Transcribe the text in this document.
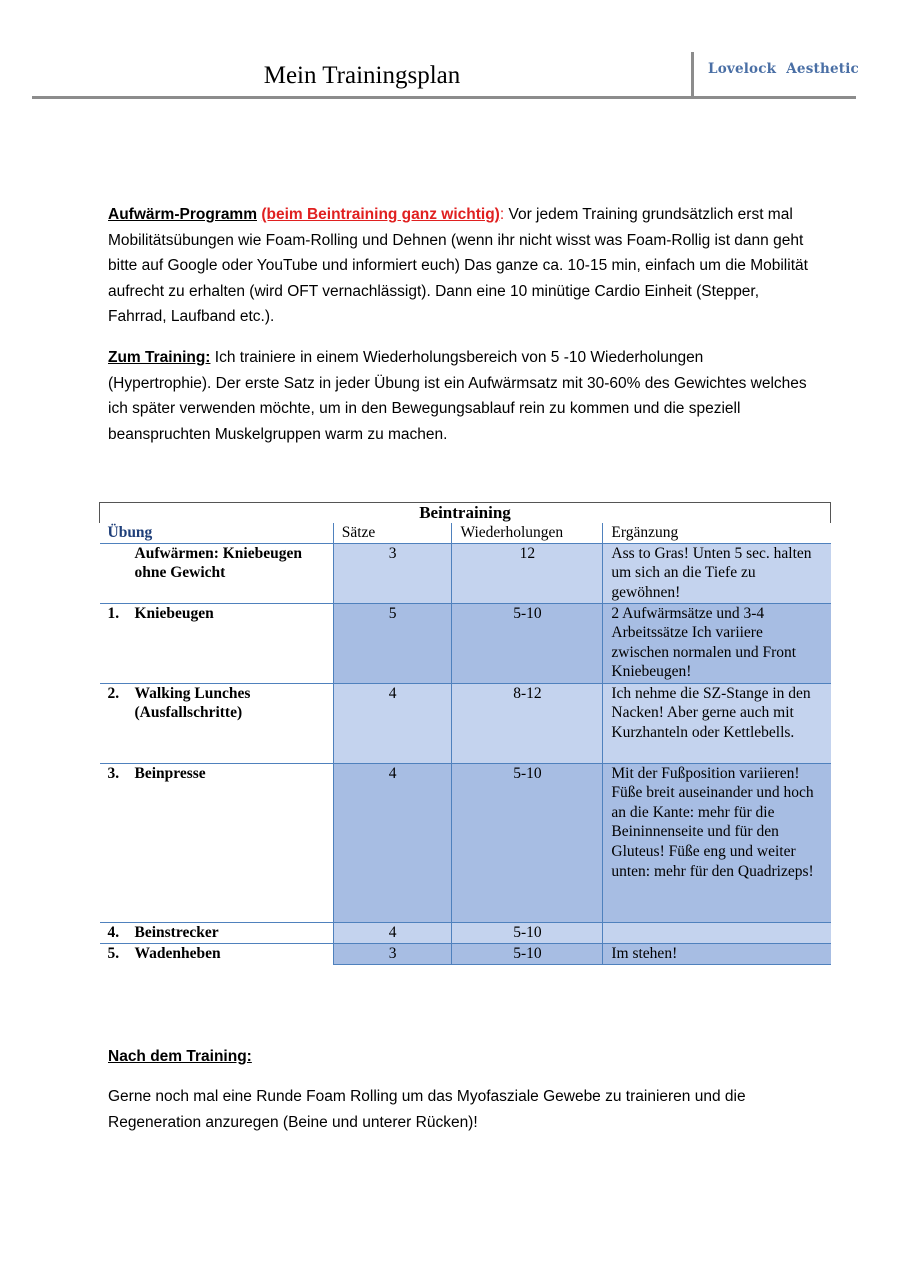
Mein Trainingsplan	Lovelock Aesthetic

Aufwärm-Programm (beim Beintraining ganz wichtig): Vor jedem Training grundsätzlich erst mal Mobilitätsübungen wie Foam-Rolling und Dehnen (wenn ihr nicht wisst was Foam-Rollig ist dann geht bitte auf Google oder YouTube und informiert euch) Das ganze ca. 10-15 min, einfach um die Mobilität aufrecht zu erhalten (wird OFT vernachlässigt). Dann eine 10 minütige Cardio Einheit (Stepper, Fahrrad, Laufband etc.).

Zum Training: Ich trainiere in einem Wiederholungsbereich von 5 -10 Wiederholungen (Hypertrophie). Der erste Satz in jeder Übung ist ein Aufwärmsatz mit 30-60% des Gewichtes welches ich später verwenden möchte, um in den Bewegungsablauf rein zu kommen und die speziell beanspruchten Muskelgruppen warm zu machen.

Beintraining			
Übung	Sätze	Wiederholungen	Ergänzung

Aufwärmen: Kniebeugen ohne Gewicht	3	12	Ass to Gras! Unten 5 sec. halten um sich an die Tiefe zu gewöhnen!

1. Kniebeugen	5	5-10	2 Aufwärmsätze und 3-4 Arbeitssätze Ich variiere zwischen normalen und Front Kniebeugen!

2. Walking Lunches (Ausfallschritte)	4	8-12	Ich nehme die SZ-Stange in den Nacken! Aber gerne auch mit Kurzhanteln oder Kettlebells.

3. Beinpresse	4	5-10	Mit der Fußposition variieren! Füße breit auseinander und hoch an die Kante: mehr für die Beininnenseite und für den Gluteus! Füße eng und weiter unten: mehr für den Quadrizeps!

4. Beinstrecker	4	5-10	

5. Wadenheben	3	5-10	Im stehen!

Nach dem Training:

Gerne noch mal eine Runde Foam Rolling um das Myofasziale Gewebe zu trainieren und die Regeneration anzuregen (Beine und unterer Rücken)!
